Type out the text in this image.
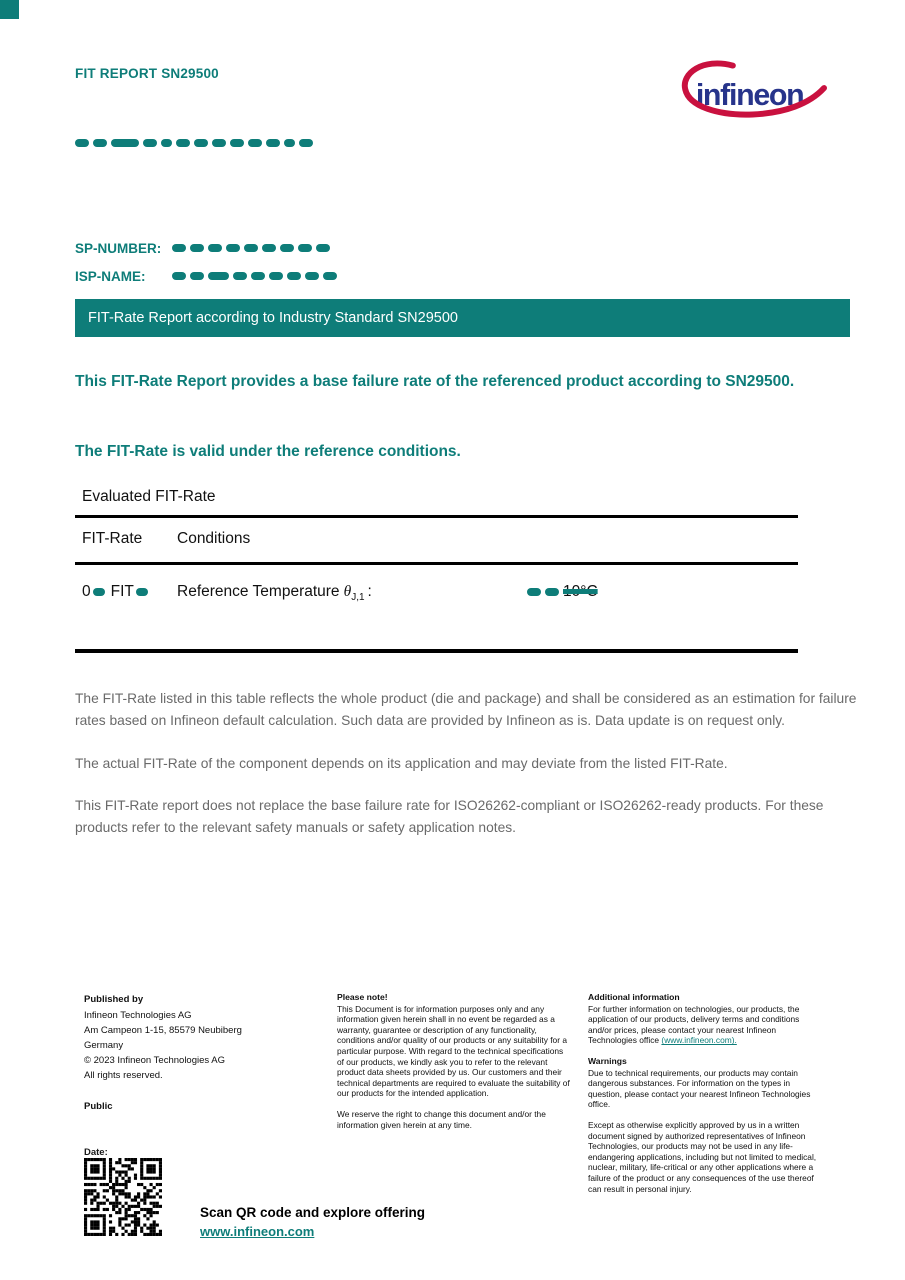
FIT REPORT SN29500
infineon
SP-NUMBER:
ISP-NAME:
FIT-Rate Report according to Industry Standard SN29500

This FIT-Rate Report provides a base failure rate of the referenced product according to SN29500.

The FIT-Rate is valid under the reference conditions.

Evaluated FIT-Rate
FIT-Rate	Conditions
0 FIT	Reference Temperature $\theta_{J,1}$ :	10°C

The FIT-Rate listed in this table reflects the whole product (die and package) and shall be considered as an estimation for failure rates based on Infineon default calculation. Such data are provided by Infineon as is. Data update is on request only.

The actual FIT-Rate of the component depends on its application and may deviate from the listed FIT-Rate.

This FIT-Rate report does not replace the base failure rate for ISO26262-compliant or ISO26262-ready products. For these products refer to the relevant safety manuals or safety application notes.

Published by
Infineon Technologies AG
Am Campeon 1-15, 85579 Neubiberg
Germany
© 2023 Infineon Technologies AG
All rights reserved.
Public
Please note!

This Document is for information purposes only and any information given herein shall in no event be regarded as a warranty, guarantee or description of any functionality, conditions and/or quality of our products or any suitability for a particular purpose. With regard to the technical specifications of our products, we kindly ask you to refer to the relevant product data sheets provided by us. Our customers and their technical departments are required to evaluate the suitability of our products for the intended application.

We reserve the right to change this document and/or the information given herein at any time.

Additional information

For further information on technologies, our products, the application of our products, delivery terms and conditions and/or prices, please contact your nearest Infineon Technologies office (www.infineon.com).

Warnings

Due to technical requirements, our products may contain dangerous substances. For information on the types in question, please contact your nearest Infineon Technologies office.

Except as otherwise explicitly approved by us in a written document signed by authorized representatives of Infineon Technologies, our products may not be used in any life-endangering applications, including but not limited to medical, nuclear, military, life-critical or any other applications where a failure of the product or any consequences of the use thereof can result in personal injury.

Date:
Scan QR code and explore offering
www.infineon.com
